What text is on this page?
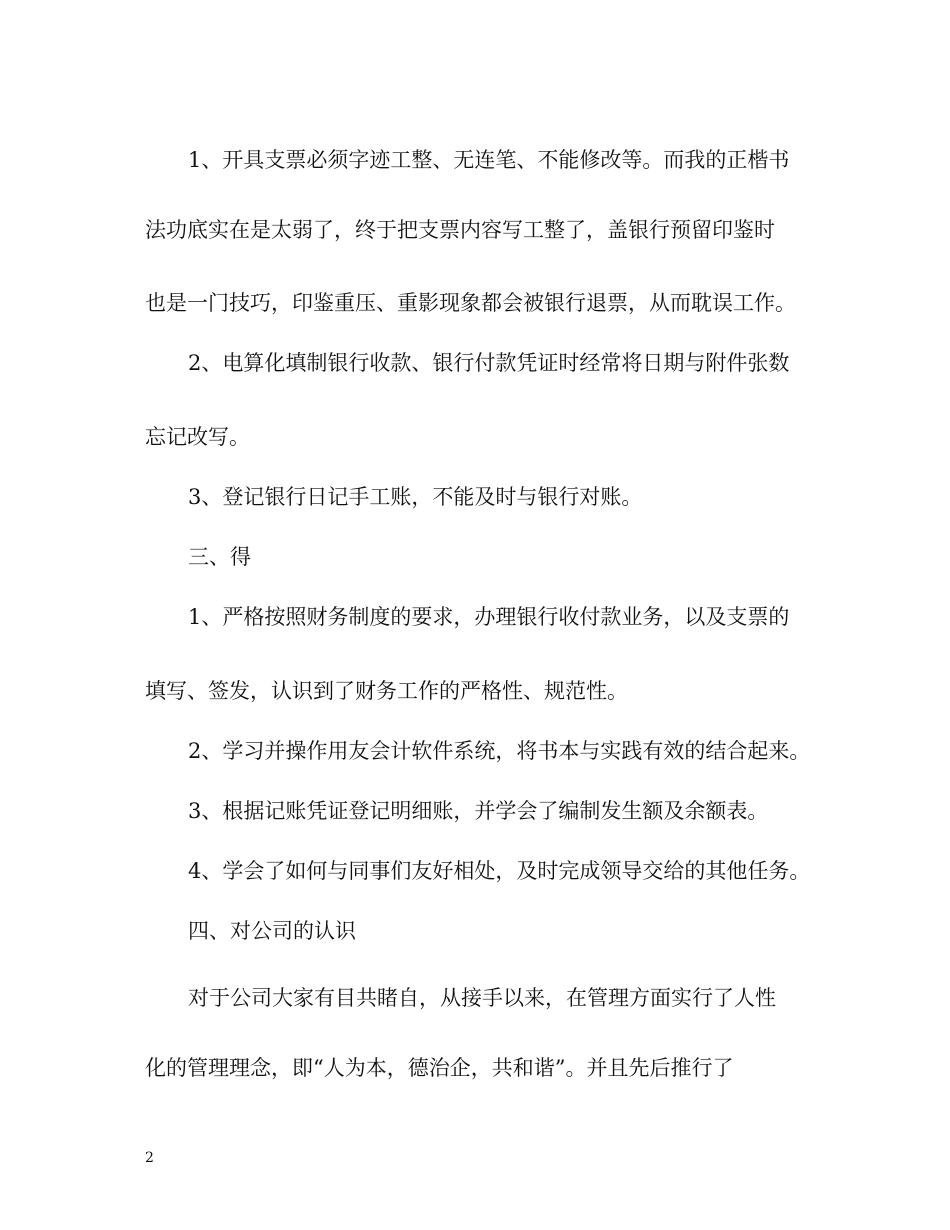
1、开具支票必须字迹工整、无连笔、不能修改等。而我的正楷书
法功底实在是太弱了，终于把支票内容写工整了，盖银行预留印鉴时
也是一门技巧，印鉴重压、重影现象都会被银行退票，从而耽误工作。
2、电算化填制银行收款、银行付款凭证时经常将日期与附件张数
忘记改写。
3、登记银行日记手工账，不能及时与银行对账。
三、得
1、严格按照财务制度的要求，办理银行收付款业务，以及支票的
填写、签发，认识到了财务工作的严格性、规范性。
2、学习并操作用友会计软件系统，将书本与实践有效的结合起来。
3、根据记账凭证登记明细账，并学会了编制发生额及余额表。
4、学会了如何与同事们友好相处，及时完成领导交给的其他任务。
四、对公司的认识
对于公司大家有目共睹自，从接手以来，在管理方面实行了人性
化的管理理念，即“人为本，德治企，共和谐”。并且先后推行了
2
